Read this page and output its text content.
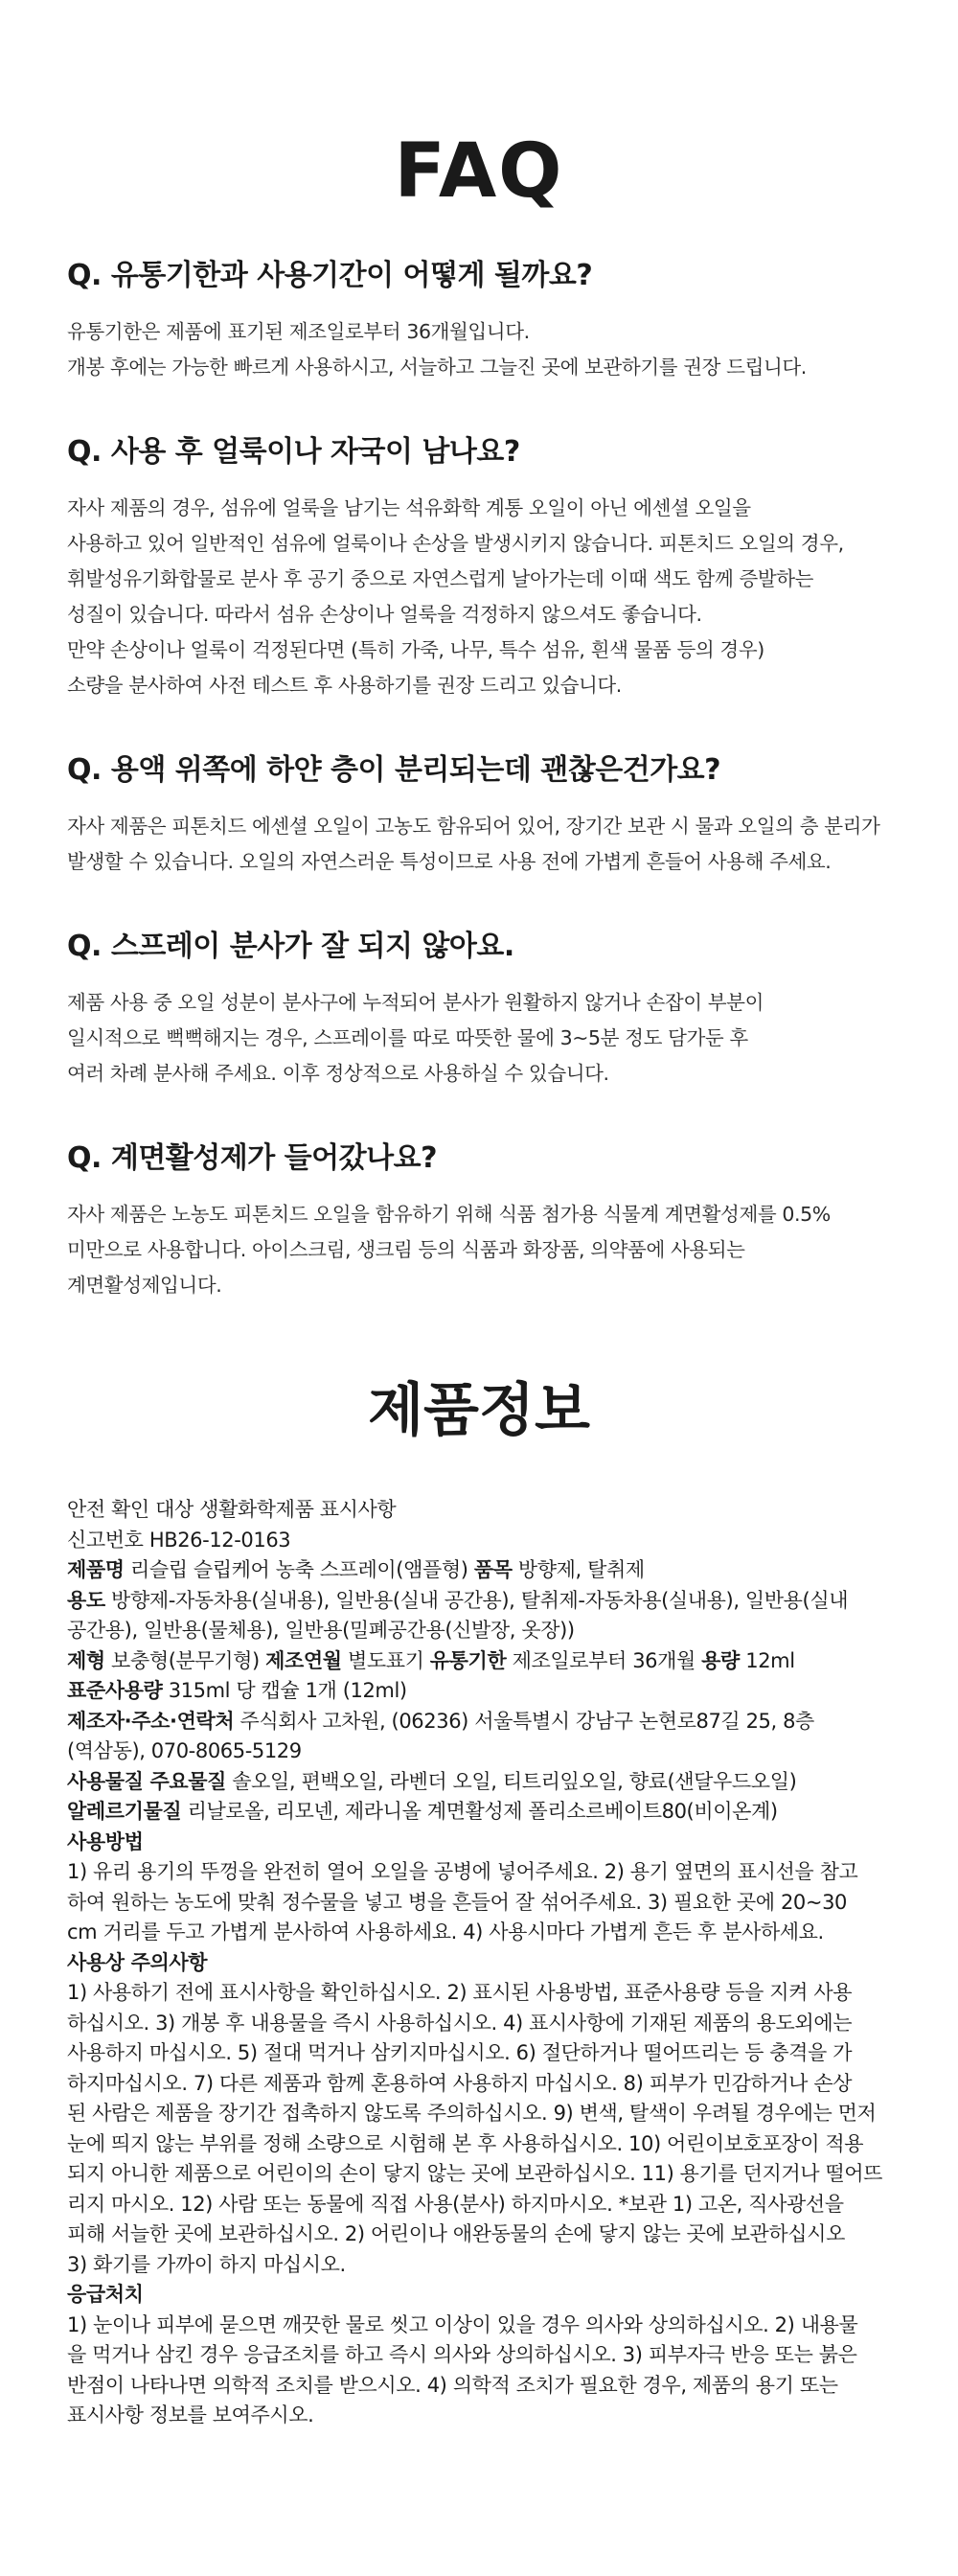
FAQ
Q. 유통기한과 사용기간이 어떻게 될까요?

유통기한은 제품에 표기된 제조일로부터 36개월입니다.
개봉 후에는 가능한 빠르게 사용하시고, 서늘하고 그늘진 곳에 보관하기를 권장 드립니다.

Q. 사용 후 얼룩이나 자국이 남나요?

자사 제품의 경우, 섬유에 얼룩을 남기는 석유화학 계통 오일이 아닌 에센셜 오일을
사용하고 있어 일반적인 섬유에 얼룩이나 손상을 발생시키지 않습니다. 피톤치드 오일의 경우,
휘발성유기화합물로 분사 후 공기 중으로 자연스럽게 날아가는데 이때 색도 함께 증발하는
성질이 있습니다. 따라서 섬유 손상이나 얼룩을 걱정하지 않으셔도 좋습니다.
만약 손상이나 얼룩이 걱정된다면 (특히 가죽, 나무, 특수 섬유, 흰색 물품 등의 경우)
소량을 분사하여 사전 테스트 후 사용하기를 권장 드리고 있습니다.

Q. 용액 위쪽에 하얀 층이 분리되는데 괜찮은건가요?

자사 제품은 피톤치드 에센셜 오일이 고농도 함유되어 있어, 장기간 보관 시 물과 오일의 층 분리가
발생할 수 있습니다. 오일의 자연스러운 특성이므로 사용 전에 가볍게 흔들어 사용해 주세요.

Q. 스프레이 분사가 잘 되지 않아요.

제품 사용 중 오일 성분이 분사구에 누적되어 분사가 원활하지 않거나 손잡이 부분이
일시적으로 뻑뻑해지는 경우, 스프레이를 따로 따뜻한 물에 3~5분 정도 담가둔 후
여러 차례 분사해 주세요. 이후 정상적으로 사용하실 수 있습니다.

Q. 계면활성제가 들어갔나요?

자사 제품은 노농도 피톤치드 오일을 함유하기 위해 식품 첨가용 식물계 계면활성제를 0.5%
미만으로 사용합니다. 아이스크림, 생크림 등의 식품과 화장품, 의약품에 사용되는
계면활성제입니다.

제품정보
안전 확인 대상 생활화학제품 표시사항
신고번호 HB26-12-0163
제품명 리슬립 슬립케어 농축 스프레이(앰플형) 품목 방향제, 탈취제
용도 방향제-자동차용(실내용), 일반용(실내 공간용), 탈취제-자동차용(실내용), 일반용(실내
공간용), 일반용(물체용), 일반용(밀폐공간용(신발장, 옷장))
제형 보충형(분무기형) 제조연월 별도표기 유통기한 제조일로부터 36개월 용량 12ml
표준사용량 315ml 당 캡슐 1개 (12ml)
제조자·주소·연락처 주식회사 고차원, (06236) 서울특별시 강남구 논현로87길 25, 8층
(역삼동), 070-8065-5129
사용물질 주요물질 솔오일, 편백오일, 라벤더 오일, 티트리잎오일, 향료(샌달우드오일)
알레르기물질 리날로올, 리모넨, 제라니올 계면활성제 폴리소르베이트80(비이온계)
사용방법
1) 유리 용기의 뚜껑을 완전히 열어 오일을 공병에 넣어주세요. 2) 용기 옆면의 표시선을 참고
하여 원하는 농도에 맞춰 정수물을 넣고 병을 흔들어 잘 섞어주세요. 3) 필요한 곳에 20~30
cm 거리를 두고 가볍게 분사하여 사용하세요. 4) 사용시마다 가볍게 흔든 후 분사하세요.
사용상 주의사항
1) 사용하기 전에 표시사항을 확인하십시오. 2) 표시된 사용방법, 표준사용량 등을 지켜 사용
하십시오. 3) 개봉 후 내용물을 즉시 사용하십시오. 4) 표시사항에 기재된 제품의 용도외에는
사용하지 마십시오. 5) 절대 먹거나 삼키지마십시오. 6) 절단하거나 떨어뜨리는 등 충격을 가
하지마십시오. 7) 다른 제품과 함께 혼용하여 사용하지 마십시오. 8) 피부가 민감하거나 손상
된 사람은 제품을 장기간 접촉하지 않도록 주의하십시오. 9) 변색, 탈색이 우려될 경우에는 먼저
눈에 띄지 않는 부위를 정해 소량으로 시험해 본 후 사용하십시오. 10) 어린이보호포장이 적용
되지 아니한 제품으로 어린이의 손이 닿지 않는 곳에 보관하십시오. 11) 용기를 던지거나 떨어뜨
리지 마시오. 12) 사람 또는 동물에 직접 사용(분사) 하지마시오. *보관 1) 고온, 직사광선을
피해 서늘한 곳에 보관하십시오. 2) 어린이나 애완동물의 손에 닿지 않는 곳에 보관하십시오
3) 화기를 가까이 하지 마십시오.
응급처치
1) 눈이나 피부에 묻으면 깨끗한 물로 씻고 이상이 있을 경우 의사와 상의하십시오. 2) 내용물
을 먹거나 삼킨 경우 응급조치를 하고 즉시 의사와 상의하십시오. 3) 피부자극 반응 또는 붉은
반점이 나타나면 의학적 조치를 받으시오. 4) 의학적 조치가 필요한 경우, 제품의 용기 또는
표시사항 정보를 보여주시오.
